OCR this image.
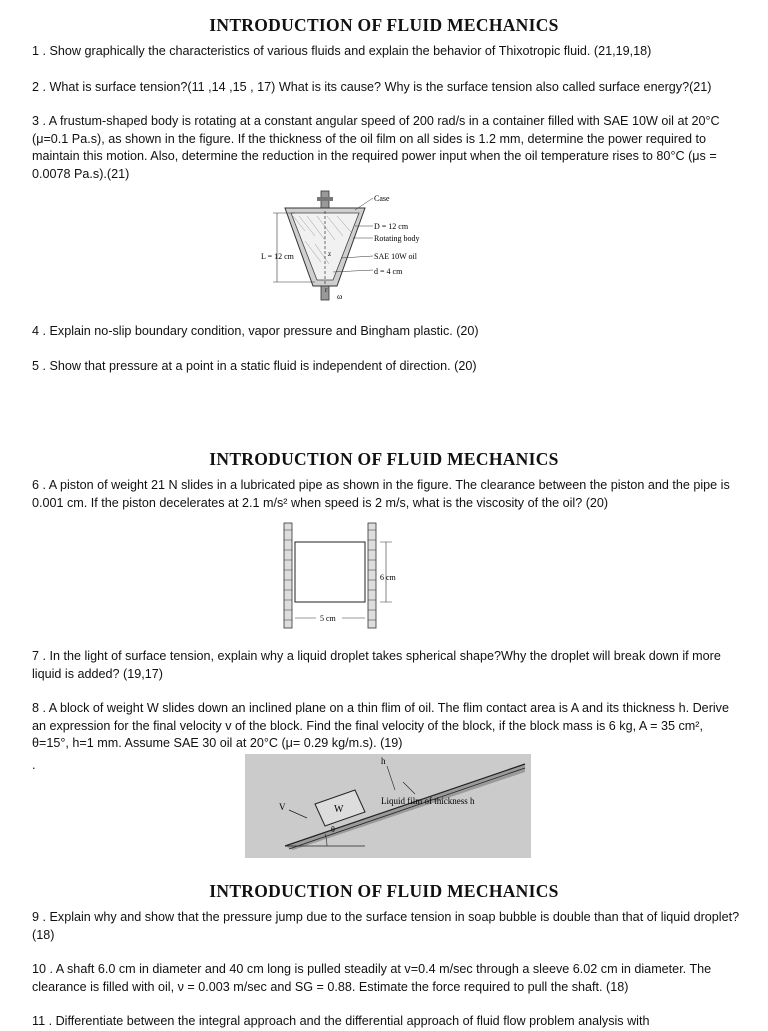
INTRODUCTION OF FLUID MECHANICS

1 . Show graphically the characteristics of various fluids and explain the behavior of Thixotropic fluid. (21,19,18)

2 . What is surface tension?(11 ,14 ,15 , 17) What is its cause? Why is the surface tension also called surface energy?(21)

3 . A frustum-shaped body is rotating at a constant angular speed of 200 rad/s in a container filled with SAE 10W oil at 20°C (μ=0.1 Pa.s), as shown in the figure. If the thickness of the oil film on all sides is 1.2 mm, determine the power required to maintain this motion. Also, determine the reduction in the required power input when the oil temperature rises to 80°C (μs = 0.0078 Pa.s).(21)

Case
D = 12 cm
Rotating body
SAE 10W oil
d = 4 cm
L = 12 cm	z
r
ω

4 . Explain no-slip boundary condition, vapor pressure and Bingham plastic. (20)

5 . Show that pressure at a point in a static fluid is independent of direction. (20)

INTRODUCTION OF FLUID MECHANICS

6 . A piston of weight 21 N slides in a lubricated pipe as shown in the figure. The clearance between the piston and the pipe is 0.001 cm. If the piston decelerates at 2.1 m/s² when speed is 2 m/s, what is the viscosity of the oil? (20)

6 cm
5 cm

7 . In the light of surface tension, explain why a liquid droplet takes spherical shape?Why the droplet will break down if more liquid is added? (19,17)

8 . A block of weight W slides down an inclined plane on a thin flim of oil. The flim contact area is A and its thickness h. Derive an expression for the final velocity v of the block. Find the final velocity of the block, if the block mass is 6 kg, A = 35 cm², θ=15°, h=1 mm. Assume SAE 30 oil at 20°C (μ= 0.29 kg/m.s). (19)

.

W
h
V
Liquid film of thickness h
θ
INTRODUCTION OF FLUID MECHANICS

9 . Explain why and show that the pressure jump due to the surface tension in soap bubble is double than that of liquid droplet? (18)

10 . A shaft 6.0 cm in diameter and 40 cm long is pulled steadily at v=0.4 m/sec through a sleeve 6.02 cm in diameter. The clearance is filled with oil, ν = 0.003 m/sec and SG = 0.88. Estimate the force required to pull the shaft. (18)

11 . Differentiate between the integral approach and the differential approach of fluid flow problem analysis with
